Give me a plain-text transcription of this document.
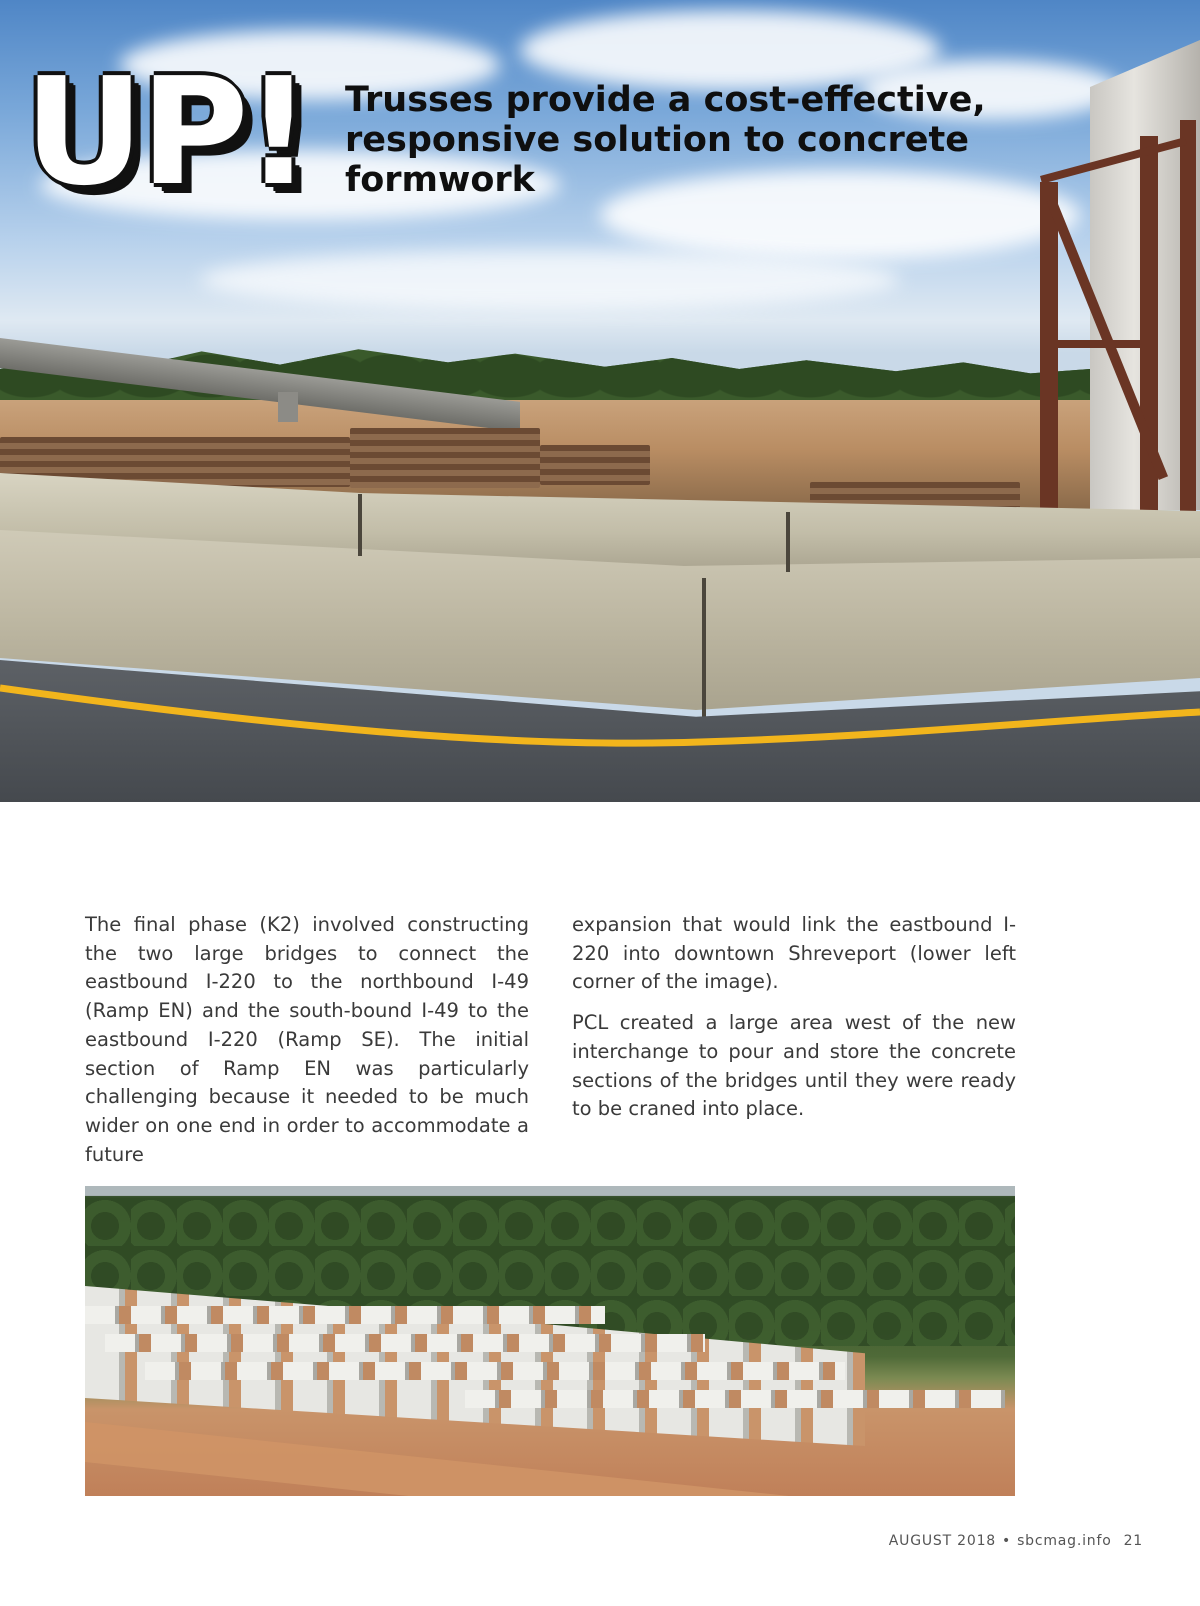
UP! Trusses provide a cost-effective, responsive solution to concrete formwork

The final phase (K2) involved constructing the two large bridges to connect the eastbound I-220 to the northbound I-49 (Ramp EN) and the south-bound I-49 to the eastbound I-220 (Ramp SE). The initial section of Ramp EN was particularly challenging because it needed to be much wider on one end in order to accommodate a future

expansion that would link the eastbound I-220 into downtown Shreveport (lower left corner of the image).

PCL created a large area west of the new interchange to pour and store the concrete sections of the bridges until they were ready to be craned into place.

AUGUST 2018 • sbcmag.info 21
